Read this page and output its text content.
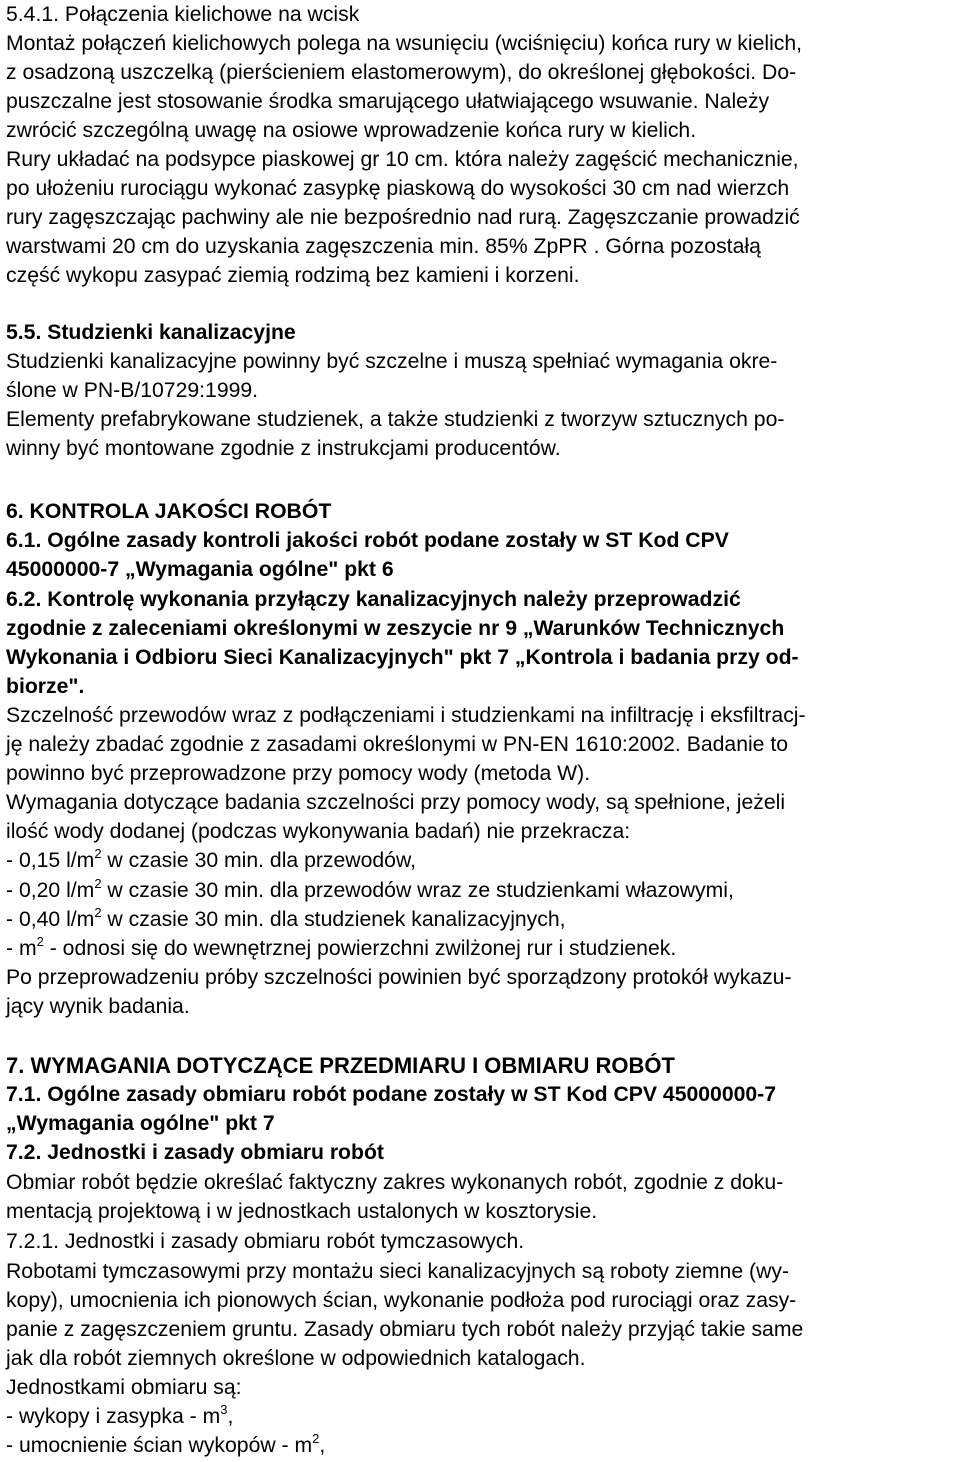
5.4.1. Połączenia kielichowe na wcisk
Montaż połączeń kielichowych polega na wsunięciu (wciśnięciu) końca rury w kielich,
z osadzoną uszczelką (pierścieniem elastomerowym), do określonej głębokości. Do-
puszczalne jest stosowanie środka smarującego ułatwiającego wsuwanie. Należy
zwrócić szczególną uwagę na osiowe wprowadzenie końca rury w kielich.
Rury układać na podsypce piaskowej gr 10 cm. która należy zagęścić mechanicznie,
po ułożeniu rurociągu wykonać zasypkę piaskową do wysokości 30 cm nad wierzch
rury zagęszczając pachwiny ale nie bezpośrednio nad rurą. Zagęszczanie prowadzić
warstwami 20 cm do uzyskania zagęszczenia min. 85% ZpPR . Górna pozostałą
część wykopu zasypać ziemią rodzimą bez kamieni i korzeni.
5.5. Studzienki kanalizacyjne
Studzienki kanalizacyjne powinny być szczelne i muszą spełniać wymagania okre-
ślone w PN-B/10729:1999.
Elementy prefabrykowane studzienek, a także studzienki z tworzyw sztucznych po-
winny być montowane zgodnie z instrukcjami producentów.
6. KONTROLA JAKOŚCI ROBÓT
6.1. Ogólne zasady kontroli jakości robót podane zostały w ST Kod CPV
45000000-7 „Wymagania ogólne" pkt 6
6.2. Kontrolę wykonania przyłączy kanalizacyjnych należy przeprowadzić
zgodnie z zaleceniami określonymi w zeszycie nr 9 „Warunków Technicznych
Wykonania i Odbioru Sieci Kanalizacyjnych" pkt 7 „Kontrola i badania przy od-
biorze".
Szczelność przewodów wraz z podłączeniami i studzienkami na infiltrację i eksfiltracj-
ję należy zbadać zgodnie z zasadami określonymi w PN-EN 1610:2002. Badanie to
powinno być przeprowadzone przy pomocy wody (metoda W).
Wymagania dotyczące badania szczelności przy pomocy wody, są spełnione, jeżeli
ilość wody dodanej (podczas wykonywania badań) nie przekracza:
- 0,15 $l/m^2$ w czasie 30 min. dla przewodów,
- 0,20 $l/m^2$ w czasie 30 min. dla przewodów wraz ze studzienkami włazowymi,
- 0,40 $l/m^2$ w czasie 30 min. dla studzienek kanalizacyjnych,
- $m^2$ - odnosi się do wewnętrznej powierzchni zwilżonej rur i studzienek.
Po przeprowadzeniu próby szczelności powinien być sporządzony protokół wykazu-
jący wynik badania.
7. WYMAGANIA DOTYCZĄCE PRZEDMIARU I OBMIARU ROBÓT
7.1. Ogólne zasady obmiaru robót podane zostały w ST Kod CPV 45000000-7
„Wymagania ogólne" pkt 7
7.2. Jednostki i zasady obmiaru robót
Obmiar robót będzie określać faktyczny zakres wykonanych robót, zgodnie z doku-
mentacją projektową i w jednostkach ustalonych w kosztorysie.
7.2.1. Jednostki i zasady obmiaru robót tymczasowych.
Robotami tymczasowymi przy montażu sieci kanalizacyjnych są roboty ziemne (wy-
kopy), umocnienia ich pionowych ścian, wykonanie podłoża pod rurociągi oraz zasy-
panie z zagęszczeniem gruntu. Zasady obmiaru tych robót należy przyjąć takie same
jak dla robót ziemnych określone w odpowiednich katalogach.
Jednostkami obmiaru są:
- wykopy i zasypka - $m^3$,
- umocnienie ścian wykopów - $m^2$,
